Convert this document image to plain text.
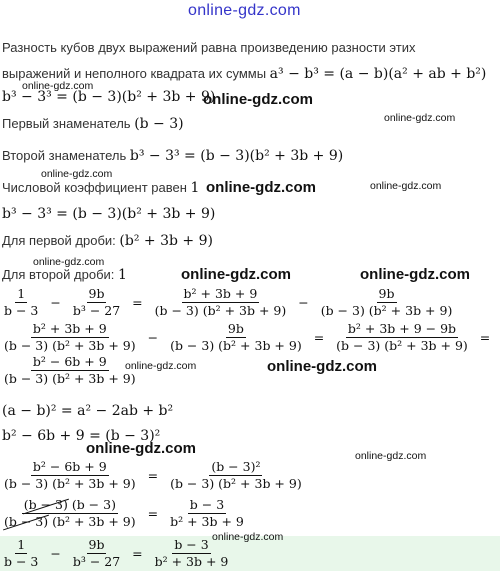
online-gdz.com
Разность кубов двух выражений равна произведению разности этих
выражений и неполного квадрата их суммы a³ − b³ = (a − b)(a² + ab + b²)
online-gdz.com
b³ − 3³ = (b − 3)(b² + 3b + 9)
online-gdz.com
online-gdz.com
Первый знаменатель (b − 3)
Второй знаменатель b³ − 3³ = (b − 3)(b² + 3b + 9)
online-gdz.com
Числовой коэффициент равен 1 online-gdz.com	online-gdz.com
b³ − 3³ = (b − 3)(b² + 3b + 9)
Для первой дроби: (b² + 3b + 9)
online-gdz.com
Для второй дроби: 1	online-gdz.com	online-gdz.com
$\frac{1}{b - 3} - \frac{9b}{\text{b³ − 27}} = \frac{\text{b² + 3b + 9}}{\text{(b − 3) (b² + 3b + 9)}} - \frac{9b}{\text{(b − 3) (b² + 3b + 9)}}$
$\frac{\text{b² + 3b + 9}}{\text{(b − 3) (b² + 3b + 9)}} - \frac{9b}{\text{(b − 3) (b² + 3b + 9)}} = \frac{\text{b² + 3b + 9 − 9b}}{\text{(b − 3) (b² + 3b + 9)}}$ =
$\frac{\text{b² − 6b + 9}}{\text{(b − 3) (b² + 3b + 9)}}$
online-gdz.com	online-gdz.com
(a − b)² = a² − 2ab + b²
b² − 6b + 9 = (b − 3)²
online-gdz.com	online-gdz.com
$\frac{\text{b² − 6b + 9}}{\text{(b − 3) (b² + 3b + 9)}} = \frac{\text{(b − 3)²}}{\text{(b − 3) (b² + 3b + 9)}}$
$\frac{(b - 3) (b - 3)}{\text{(b − 3) (b² + 3b + 9)}} = \frac{b - 3}{\text{b² + 3b + 9}}$
online-gdz.com
$\frac{1}{b - 3} - \frac{9b}{\text{b³ − 27}} = \frac{b - 3}{\text{b² + 3b + 9}}$
